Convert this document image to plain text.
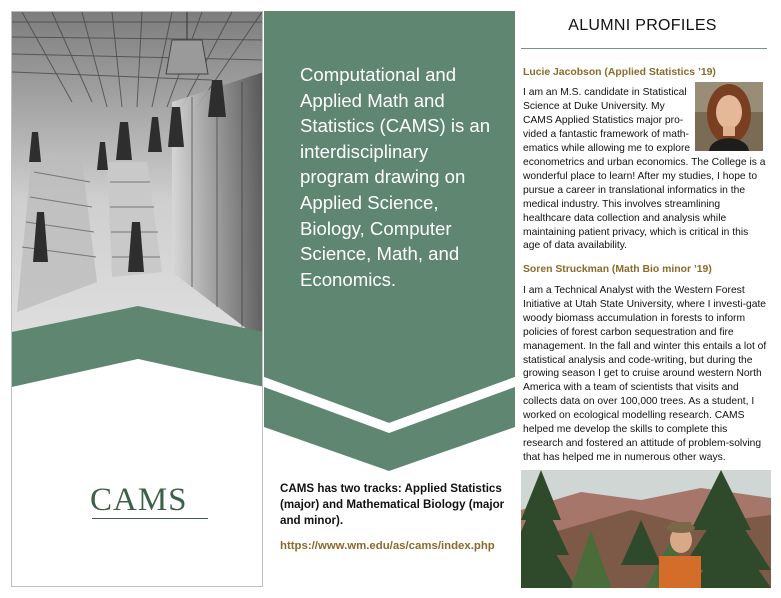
CAMS
Computational and Applied Math and Statistics (CAMS) is an interdisciplinary program drawing on Applied Science, Biology, Computer Science, Math, and Economics.
CAMS has two tracks: Applied Statistics (major) and Mathematical Biology (major and minor).
https://www.wm.edu/as/cams/index.php
ALUMNI PROFILES
Lucie Jacobson (Applied Statistics ’19)
I am an M.S. candidate in Statistical Science at Duke University. My CAMS Applied Statistics major pro-vided a fantastic framework of math-ematics while allowing me to explore
econometrics and urban economics. The College is a wonderful place to learn! After my studies, I hope to pursue a career in translational informatics in the medical industry. This involves streamlining healthcare data collection and analysis while maintaining patient privacy, which is critical in this age of data availability.
Soren Struckman (Math Bio minor ’19)
I am a Technical Analyst with the Western Forest Initiative at Utah State University, where I investi-gate woody biomass accumulation in forests to inform policies of forest carbon sequestration and fire management. In the fall and winter this entails a lot of statistical analysis and code-writing, but during the growing season I get to cruise around western North America with a team of scientists that visits and collects data on over 100,000 trees. As a student, I worked on ecological modelling research. CAMS helped me develop the skills to complete this research and fostered an attitude of problem-solving that has helped me in numerous other ways.
